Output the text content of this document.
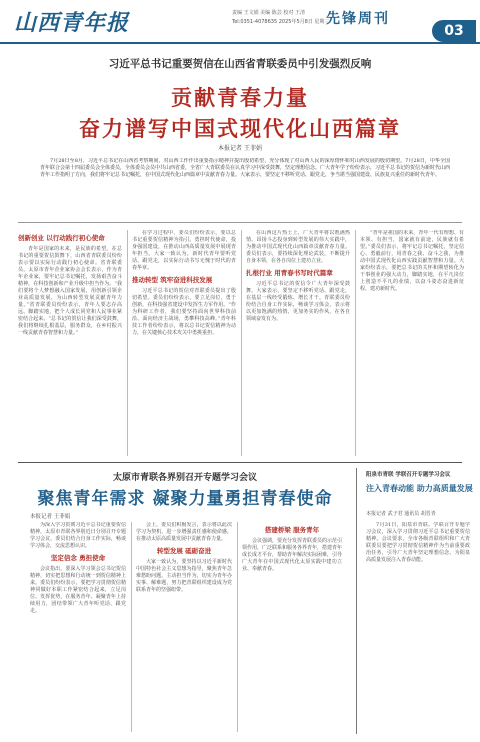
山西青年报	责编 王文娟 美编 陈芸 校对 王清
Tel:0351-4078635 2025年5月8日 星期三
先锋周刊
03
习近平总书记重要贺信在山西省青联委员中引发强烈反响
贡献青春力量
奋力谱写中国式现代化山西篇章
本报记者 王菲娟
7月28日至8月，习近平总书记在山西省考察期间，对山西工作作出重要指示精神并提出殷切希望，充分体现了对山西人民的深厚情怀和对山西发展的殷切期望。7月28日，中华全国青年联合会第十四届委员会全体委员，全体委员会员中共山西省委，全省广大青联委员在认真学习中深受鼓舞，坚定理想信念。广大青年学子纷纷表示，习近平总书记的贺信为新时代山西青年工作指明了方向，我们将牢记总书记嘱托，在中国式现代化山西篇章中贡献青春力量。大家表示，要坚定不移听党话、跟党走，争当堪当强国建设、民族复兴重任的新时代青年。
创新创业 以行动践行初心使命

青年是国家的未来，是民族的希望。在总书记的重要贺信鼓舞下，山西省青联委员纷纷表示要以实际行动践行初心使命。省青联委员、太原市青年企业家协会会长表示，作为青年企业家，要牢记总书记嘱托，发扬艰苦奋斗精神，在科技创新和产业升级中担当作为。“我们要将个人梦想融入国家发展，用创新引领企业高质量发展，为山西转型发展贡献青年力量。”省青联委员纷纷表示，青年人要志存高远、脚踏实地，把个人成长同党和人民事业紧密结合起来。“总书记的贺信让我们深受鼓舞，我们将继续扎根基层，服务群众，在乡村振兴一线贡献青春智慧和力量。”

在学习过程中，委员们纷纷表示，要以总书记重要贺信精神为指引，勇担时代使命，投身强国建设，在推动山西高质量发展中展现青年担当。大家一致认为，新时代青年要听党话、跟党走，以实际行动书写无愧于时代的青春华章。

推动转型 筑牢奋进科技发展

习近平总书记的贺信对青联委员提出了殷切希望。委员们纷纷表示，要立足岗位，勇于创新，在科技强省建设中发挥生力军作用。“作为科研工作者，我们要坚持面向世界科技前沿、面向经济主战场，勇攀科技高峰。”青年科技工作者纷纷表示，将以总书记贺信精神为动力，在关键核心技术攻关中勇挑重担。

在山西这片热土上，广大青年将以饱满热情、昂扬斗志投身到转型发展的伟大实践中，为推动中国式现代化山西篇章贡献青春力量。委员们表示，要持续深化理论武装，不断提升自身本领，在各自岗位上建功立业。

扎根行业 用青春书写时代篇章

习近平总书记的贺信令广大青年深受鼓舞。大家表示，要坚定不移听党话、跟党走，在基层一线经受锻炼、增长才干。青联委员纷纷结合自身工作实际，畅谈学习体会，表示将以更加饱满的热情、更加务实的作风，在各自领域奋发有为。

“青年是祖国的未来，青年一代有理想、有本领、有担当，国家就有前途，民族就有希望。”委员们表示，将牢记总书记嘱托，坚定信心、勇毅前行，用青春之我、奋斗之我，为推动中国式现代化山西实践贡献智慧和力量。大家纷纷表示，要把总书记的关怀和期望转化为干事创业的强大动力，脚踏实地，在平凡岗位上创造不平凡的业绩，以奋斗姿态奋进新征程、建功新时代。

太原市青联各界别召开专题学习会议
聚焦青年需求 凝聚力量勇担青春使命
本报记者 王菲娟

为深入学习贯彻习近平总书记重要贺信精神，太原市青联各界别近日分别召开专题学习会议，委员们结合自身工作实际，畅谈学习体会，交流思想认识。

坚定信念 勇担使命

会议指出，要深入学习领会总书记贺信精神，切实把思想和行动统一到贺信精神上来。委员们纷纷表示，要把学习贯彻贺信精神同做好本职工作紧密结合起来，立足岗位、发挥优势，在服务青年、凝聚青年上持续用力，团结带领广大青年听党话、跟党走。

会上，委员们积极发言，表示将以此次学习为契机，进一步增强责任感和使命感，在推动太原高质量发展中贡献青春力量。

转型发展 砥砺奋进

大家一致认为，要坚持以习近平新时代中国特色社会主义思想为指导，聚焦青年急难愁盼问题，主动担当作为，切实为青年办实事、解难题，努力把青联组织建设成为党联系青年的坚强纽带。

搭建桥梁 服务青年

会议强调，要充分发挥青联委员的示范引领作用，广泛联系和服务各界青年，搭建青年成长成才平台，帮助青年解决实际困难，引导广大青年在中国式现代化太原实践中建功立业、奉献青春。

阳泉市青联 学联召开专题学习会议
注入青春动能 助力高质量发展
本报记者 武子君 通讯员 胡晋青

7月31日，阳泉市青联、学联召开专题学习会议，深入学习贯彻习近平总书记重要贺信精神。会议要求，全市各级青联组织和广大青联委员要把学习贯彻贺信精神作为当前重要政治任务，引导广大青年坚定理想信念，为阳泉高质量发展注入青春动能。
